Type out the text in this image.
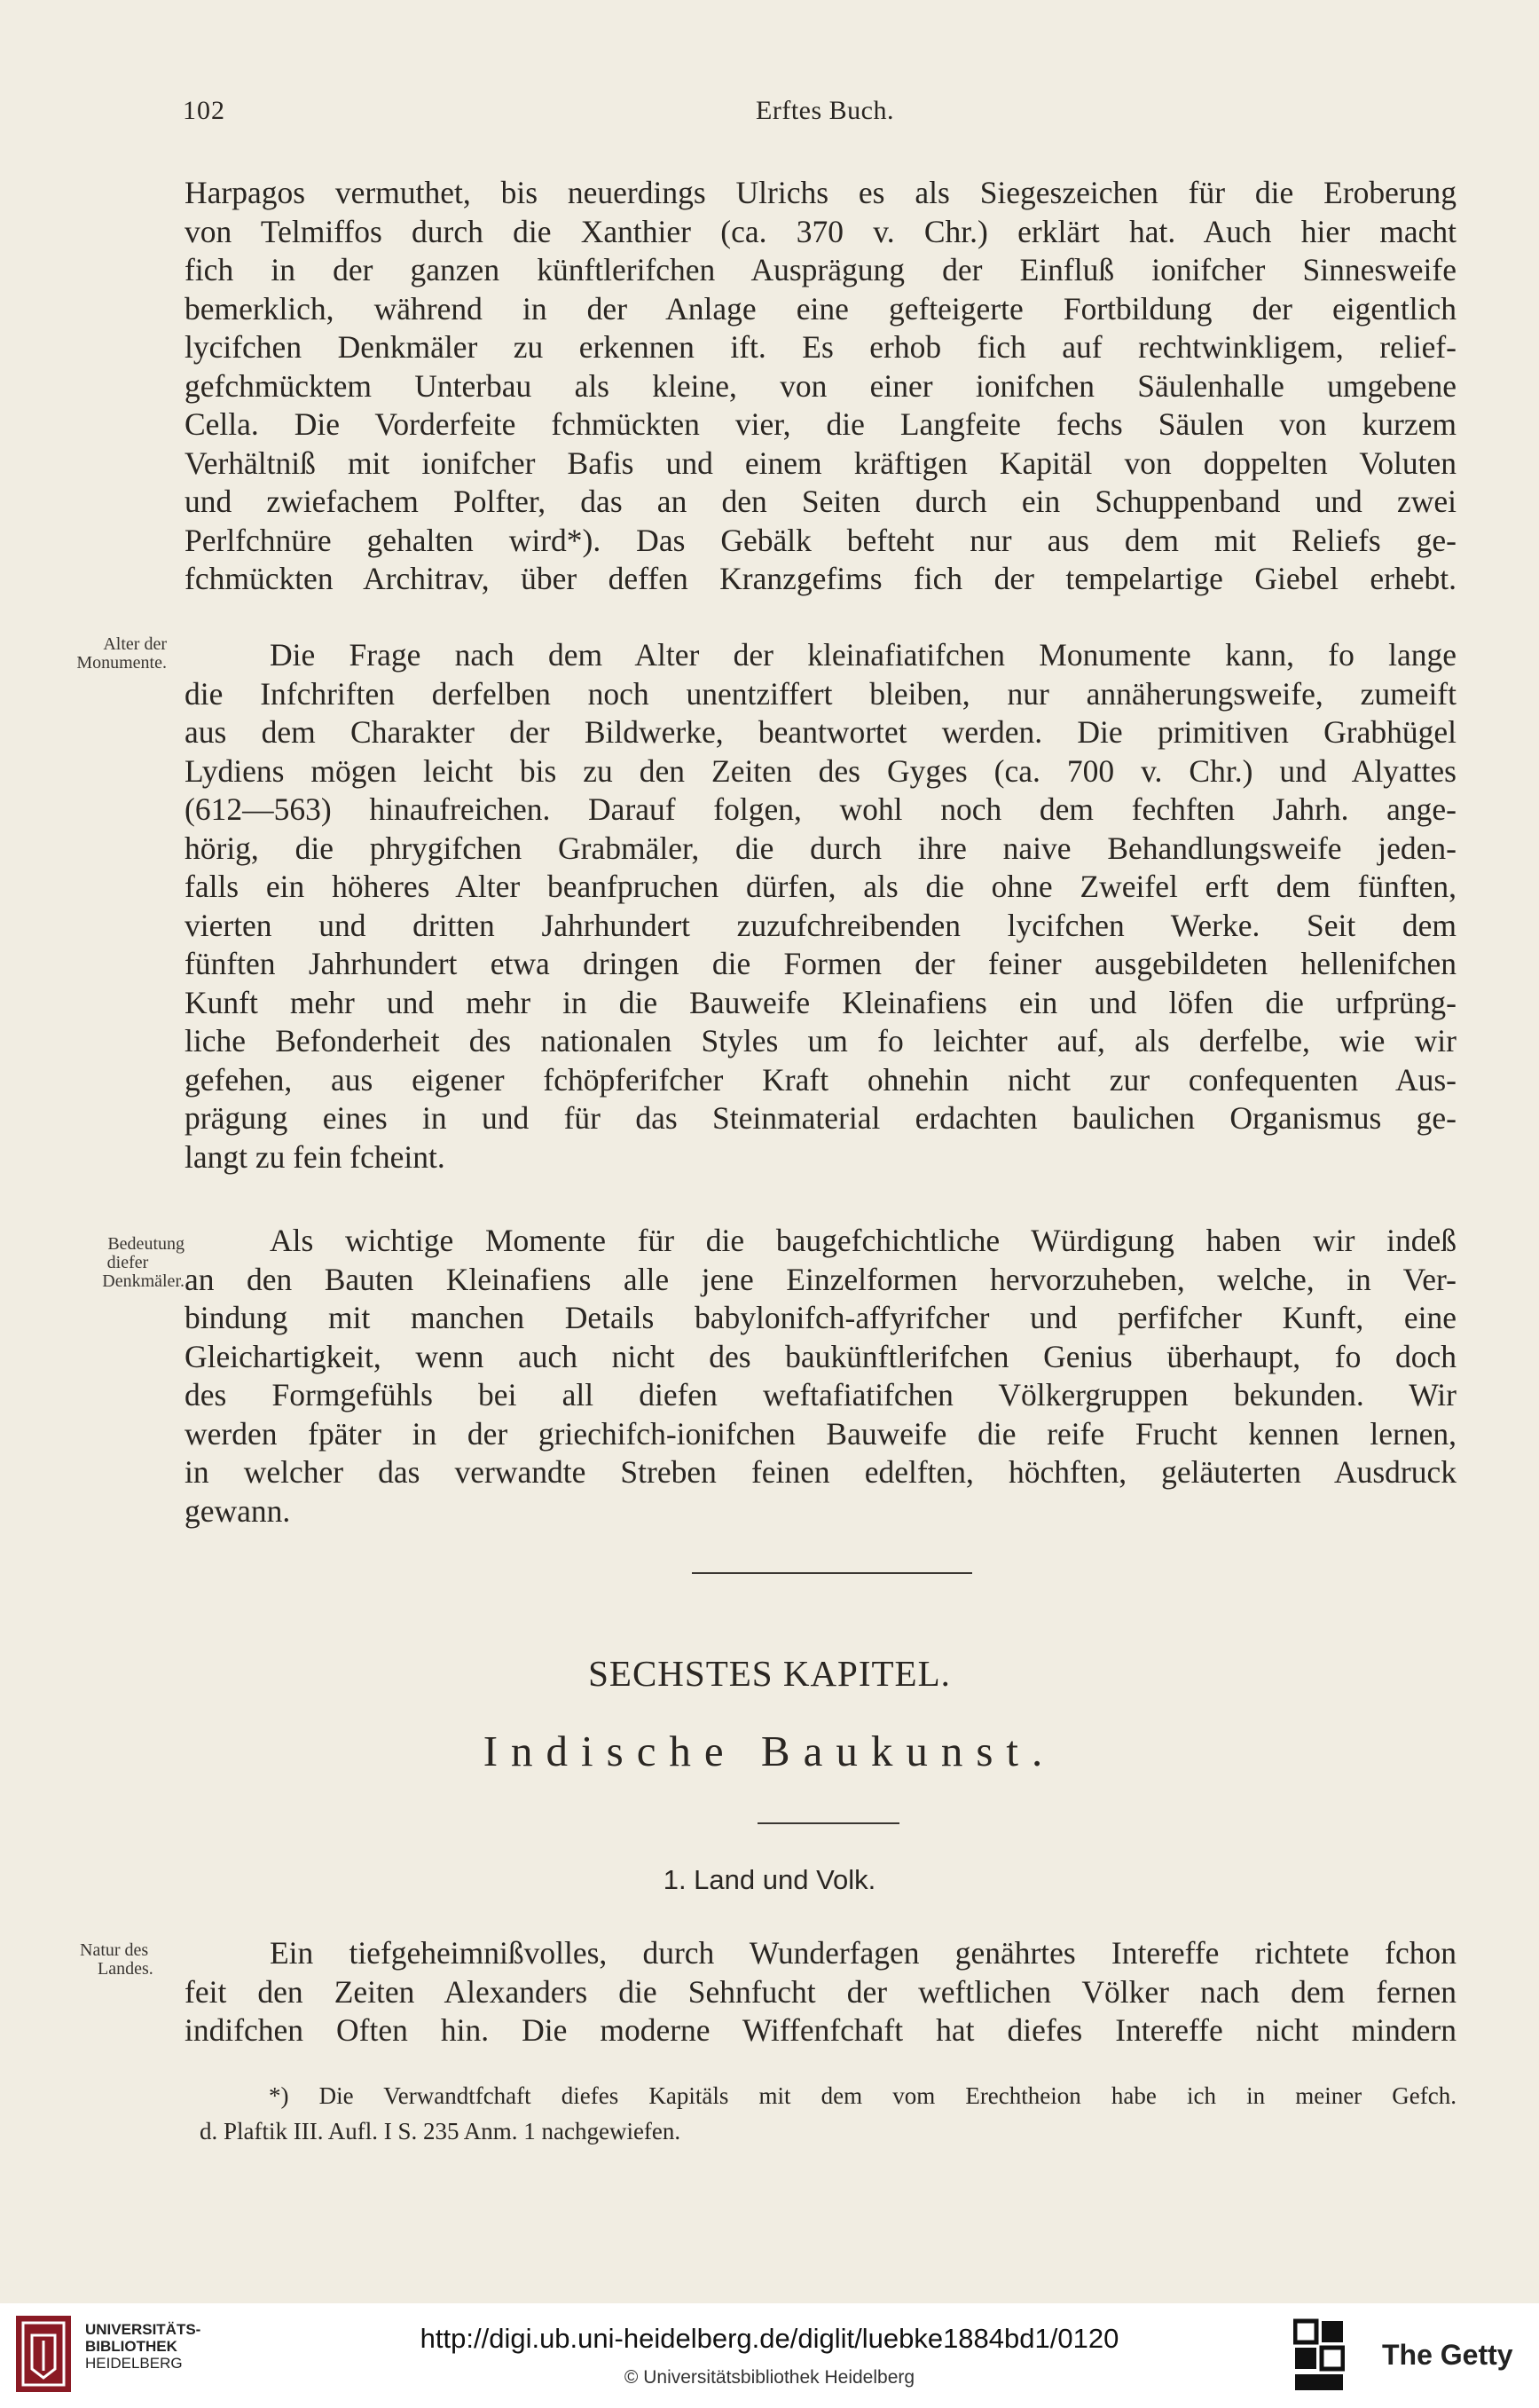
102	Erftes Buch.
Harpagos vermuthet, bis neuerdings Ulrichs es als Siegeszeichen für die Eroberung
von Telmiffos durch die Xanthier (ca. 370 v. Chr.) erklärt hat. Auch hier macht
fich in der ganzen künftlerifchen Ausprägung der Einfluß ionifcher Sinnesweife
bemerklich, während in der Anlage eine gefteigerte Fortbildung der eigentlich
lycifchen Denkmäler zu erkennen ift. Es erhob fich auf rechtwinkligem, relief-
gefchmücktem Unterbau als kleine, von einer ionifchen Säulenhalle umgebene
Cella. Die Vorderfeite fchmückten vier, die Langfeite fechs Säulen von kurzem
Verhältniß mit ionifcher Bafis und einem kräftigen Kapitäl von doppelten Voluten
und zwiefachem Polfter, das an den Seiten durch ein Schuppenband und zwei
Perlfchnüre gehalten wird*). Das Gebälk befteht nur aus dem mit Reliefs ge-
fchmückten Architrav, über deffen Kranzgefims fich der tempelartige Giebel erhebt.
Alter der
Monumente.	Die Frage nach dem Alter der kleinafiatifchen Monumente kann, fo lange
die Infchriften derfelben noch unentziffert bleiben, nur annäherungsweife, zumeift
aus dem Charakter der Bildwerke, beantwortet werden. Die primitiven Grabhügel
Lydiens mögen leicht bis zu den Zeiten des Gyges (ca. 700 v. Chr.) und Alyattes
(612—563) hinaufreichen. Darauf folgen, wohl noch dem fechften Jahrh. ange-
hörig, die phrygifchen Grabmäler, die durch ihre naive Behandlungsweife jeden-
falls ein höheres Alter beanfpruchen dürfen, als die ohne Zweifel erft dem fünften,
vierten und dritten Jahrhundert zuzufchreibenden lycifchen Werke. Seit dem
fünften Jahrhundert etwa dringen die Formen der feiner ausgebildeten hellenifchen
Kunft mehr und mehr in die Bauweife Kleinafiens ein und löfen die urfprüng-
liche Befonderheit des nationalen Styles um fo leichter auf, als derfelbe, wie wir
gefehen, aus eigener fchöpferifcher Kraft ohnehin nicht zur confequenten Aus-
prägung eines in und für das Steinmaterial erdachten baulichen Organismus ge-
langt zu fein fcheint.
Bedeutung
diefer
Denkmäler.
Als wichtige Momente für die baugefchichtliche Würdigung haben wir indeß
an den Bauten Kleinafiens alle jene Einzelformen hervorzuheben, welche, in Ver-
bindung mit manchen Details babylonifch-affyrifcher und perfifcher Kunft, eine
Gleichartigkeit, wenn auch nicht des baukünftlerifchen Genius überhaupt, fo doch
des Formgefühls bei all diefen weftafiatifchen Völkergruppen bekunden. Wir
werden fpäter in der griechifch-ionifchen Bauweife die reife Frucht kennen lernen,
in welcher das verwandte Streben feinen edelften, höchften, geläuterten Ausdruck
gewann.
SECHSTES KAPITEL.
Indische Baukunst.
1. Land und Volk.
Natur des
Landes.	Ein tiefgeheimnißvolles, durch Wunderfagen genährtes Intereffe richtete fchon
feit den Zeiten Alexanders die Sehnfucht der weftlichen Völker nach dem fernen
indifchen Often hin. Die moderne Wiffenfchaft hat diefes Intereffe nicht mindern
*) Die Verwandtfchaft diefes Kapitäls mit dem vom Erechtheion habe ich in meiner Gefch.
d. Plaftik III. Aufl. I S. 235 Anm. 1 nachgewiefen.
UNIVERSITÄTS-
BIBLIOTHEK
HEIDELBERG
http://digi.ub.uni-heidelberg.de/diglit/luebke1884bd1/0120
© Universitätsbibliothek Heidelberg
The Getty
